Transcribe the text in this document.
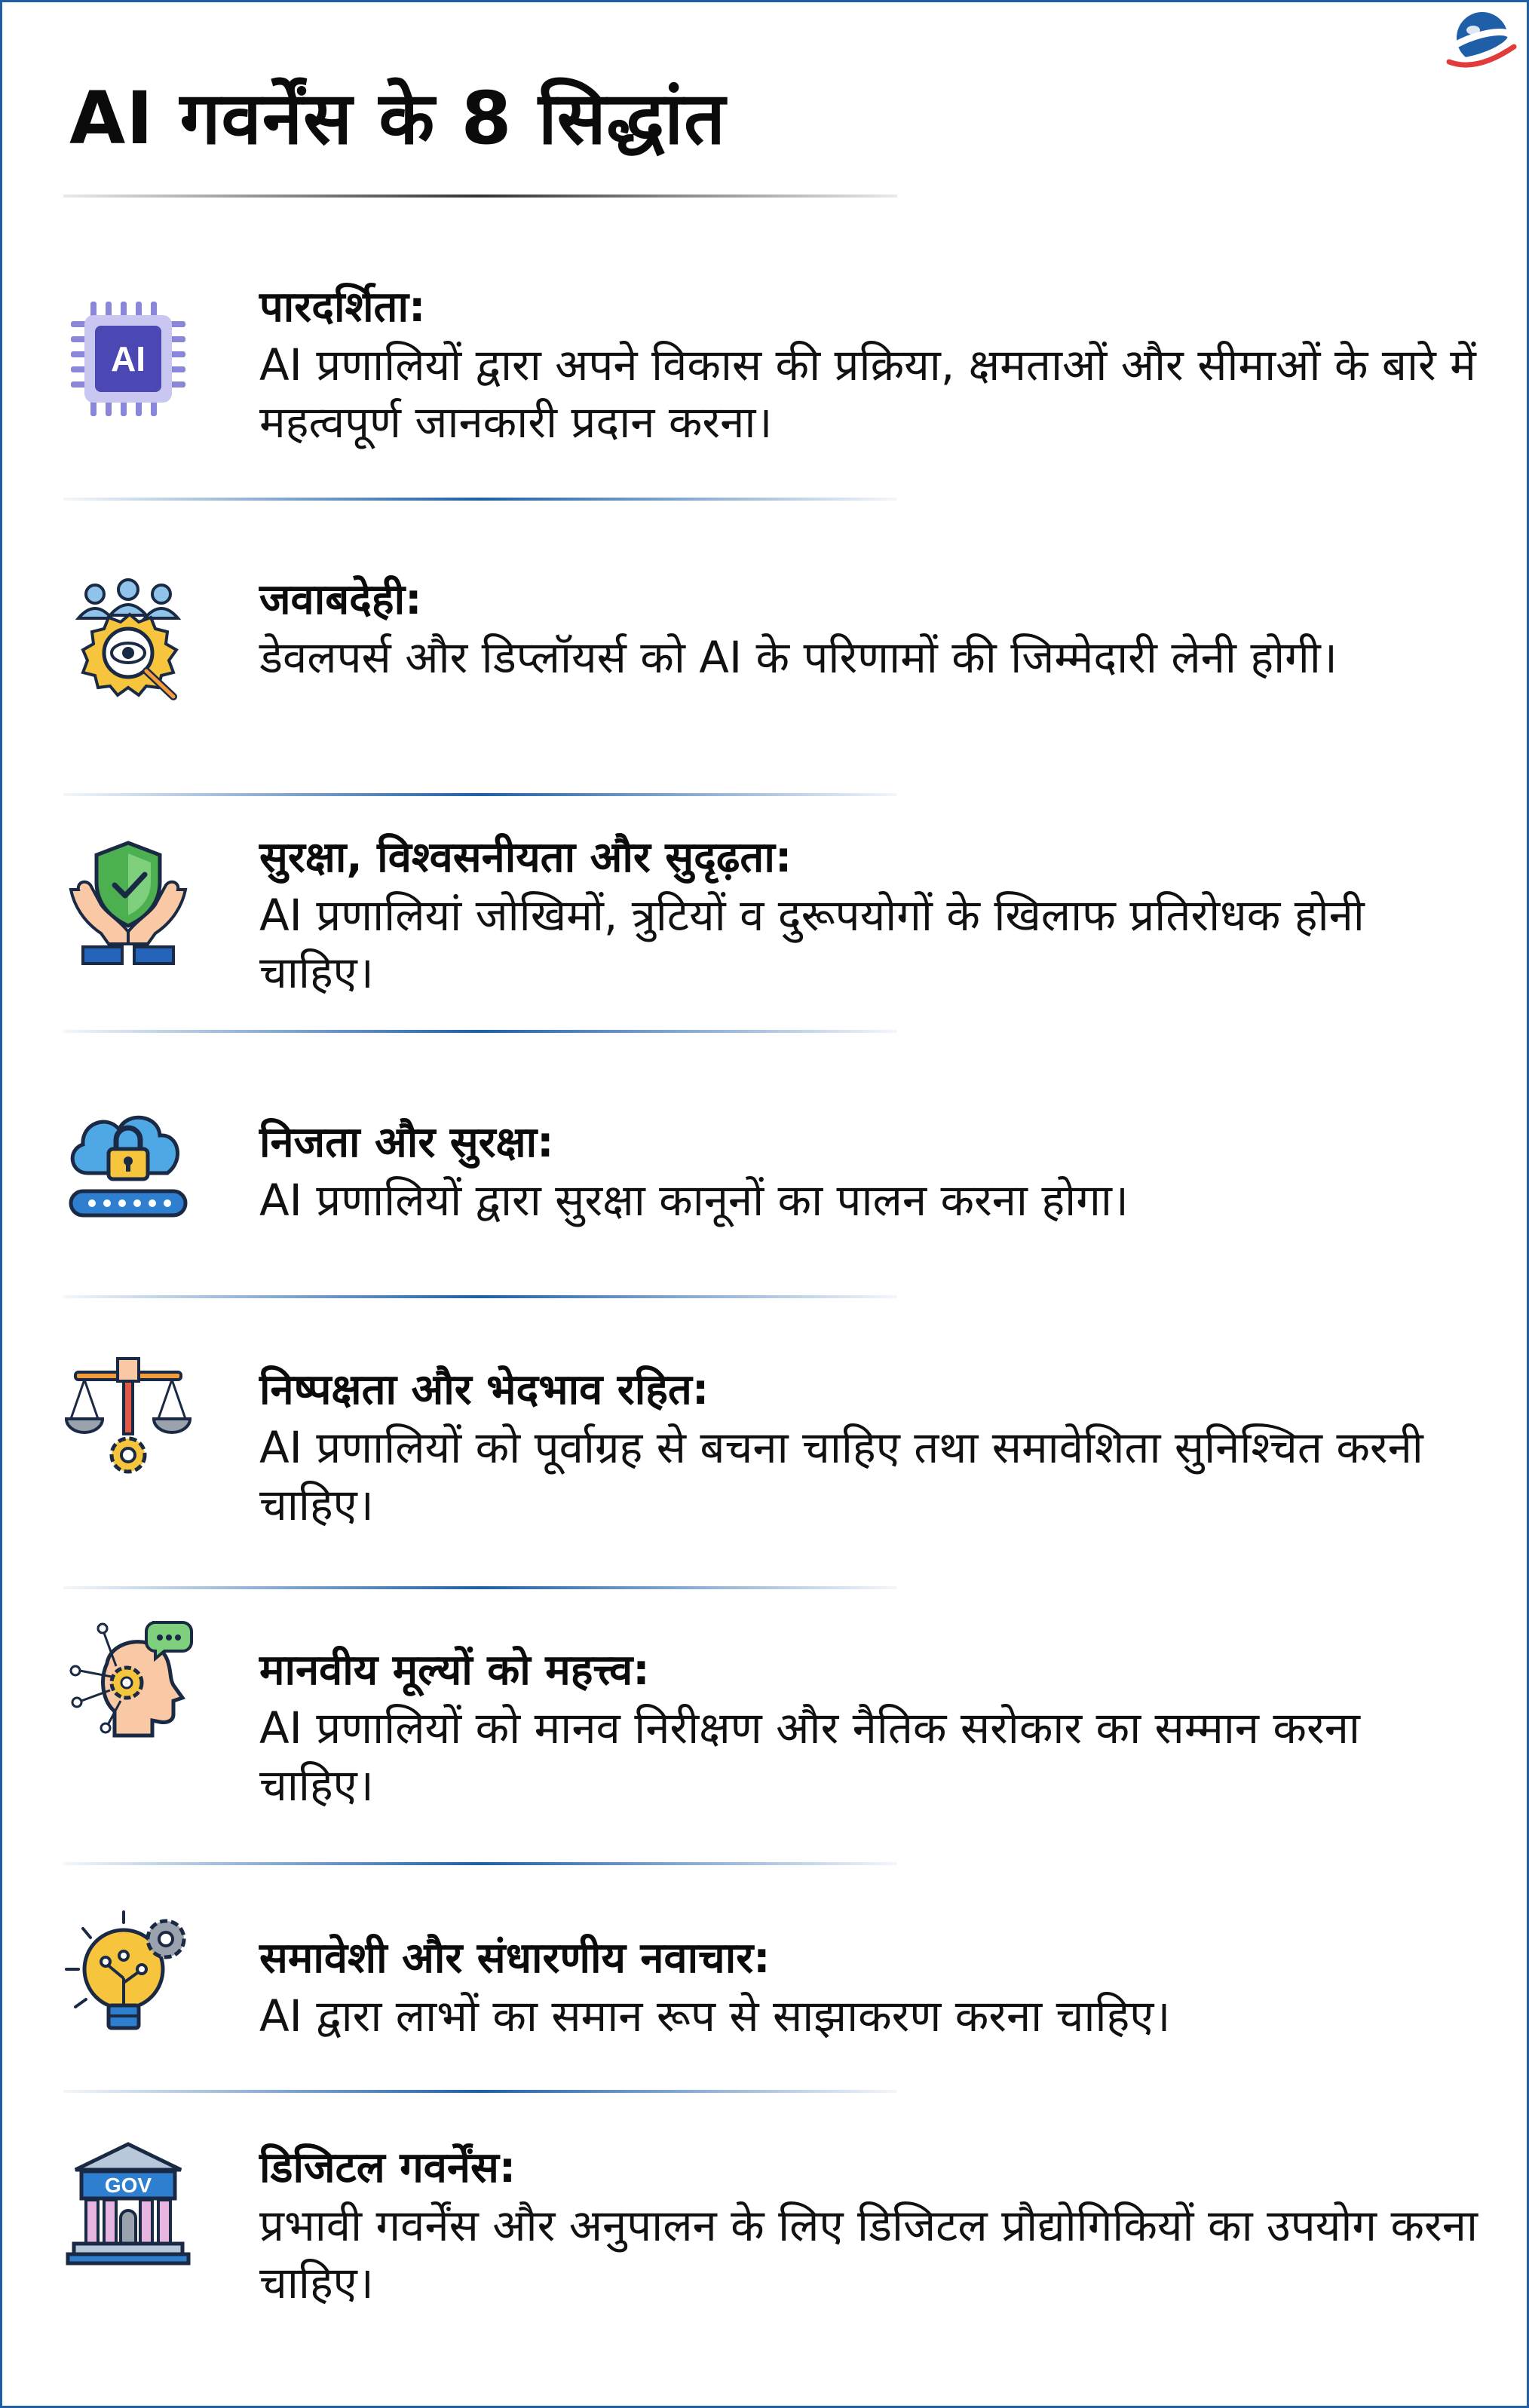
AI गवर्नेंस के 8 सिद्धांत
AI
पारदर्शिता:
AI प्रणालियों द्वारा अपने विकास की प्रक्रिया, क्षमताओं और सीमाओं के बारे में महत्वपूर्ण जानकारी प्रदान करना।
जवाबदेही:
डेवलपर्स और डिप्लॉयर्स को AI के परिणामों की जिम्मेदारी लेनी होगी।
सुरक्षा, विश्वसनीयता और सुदृढ़ता:
AI प्रणालियां जोखिमों, त्रुटियों व दुरूपयोगों के खिलाफ प्रतिरोधक होनी चाहिए।
निजता और सुरक्षा:
AI प्रणालियों द्वारा सुरक्षा कानूनों का पालन करना होगा।
निष्पक्षता और भेदभाव रहित:
AI प्रणालियों को पूर्वाग्रह से बचना चाहिए तथा समावेशिता सुनिश्चित करनी चाहिए।
मानवीय मूल्यों को महत्त्व:
AI प्रणालियों को मानव निरीक्षण और नैतिक सरोकार का सम्मान करना चाहिए।
समावेशी और संधारणीय नवाचार:
AI द्वारा लाभों का समान रूप से साझाकरण करना चाहिए।
GOV	डिजिटल गवर्नेंस:
प्रभावी गवर्नेंस और अनुपालन के लिए डिजिटल प्रौद्योगिकियों का उपयोग करना चाहिए।
